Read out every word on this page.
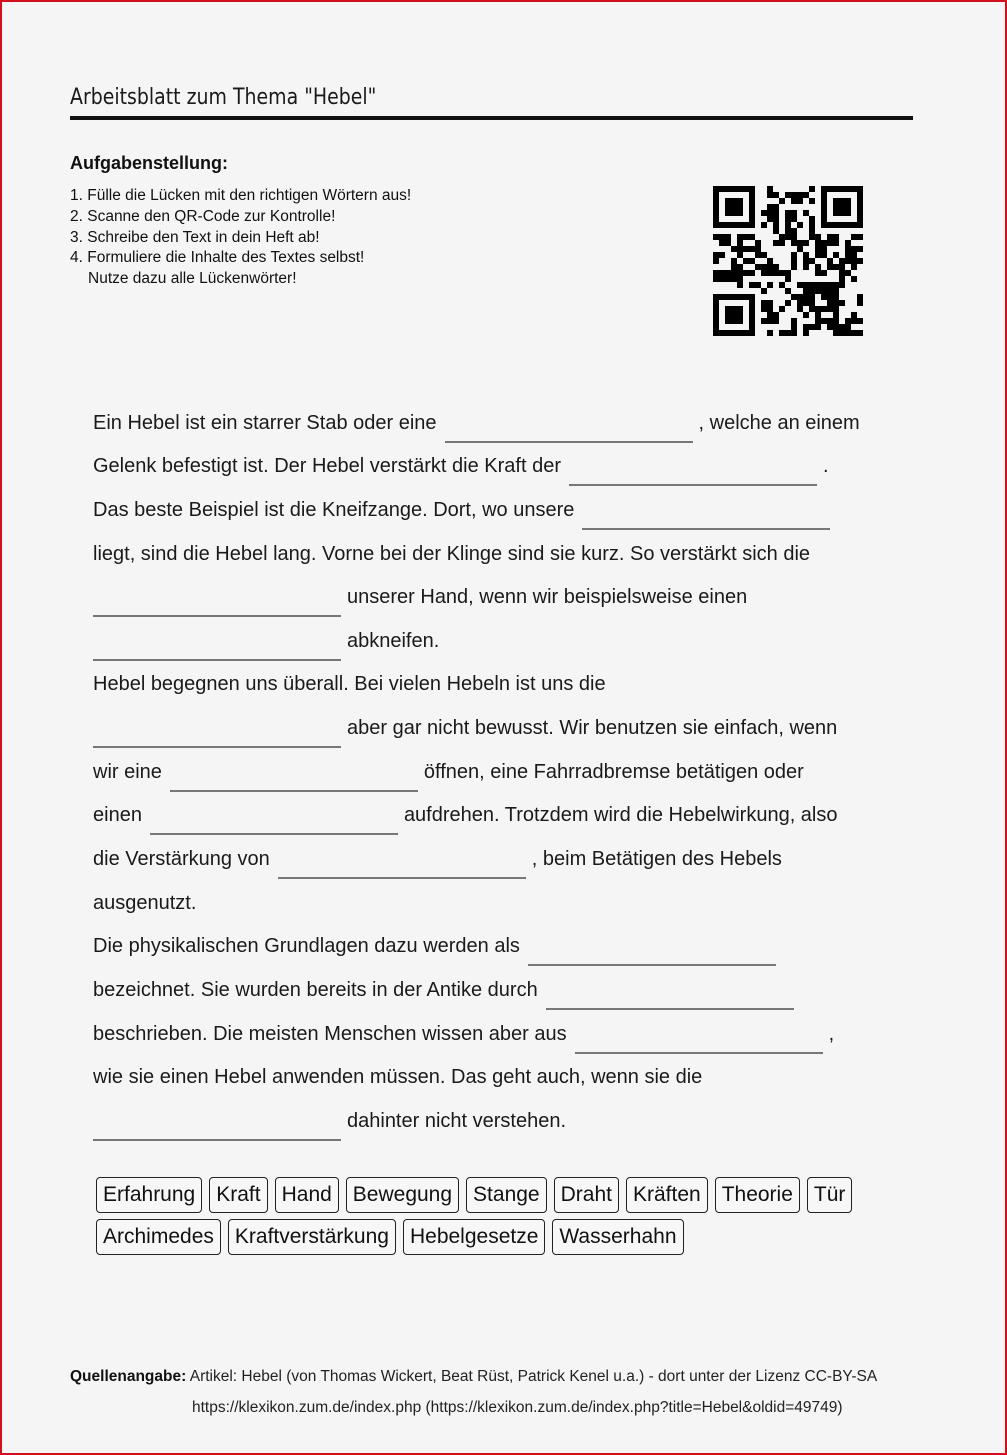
Arbeitsblatt zum Thema "Hebel"
Aufgabenstellung:
1. Fülle die Lücken mit den richtigen Wörtern aus!
2. Scanne den QR-Code zur Kontrolle!
3. Schreibe den Text in dein Heft ab!
4. Formuliere die Inhalte des Textes selbst!
Nutze dazu alle Lückenwörter!
Ein Hebel ist ein starrer Stab oder eine	, welche an einem
Gelenk befestigt ist. Der Hebel verstärkt die Kraft der	.
Das beste Beispiel ist die Kneifzange. Dort, wo unsere
liegt, sind die Hebel lang. Vorne bei der Klinge sind sie kurz. So verstärkt sich die
unserer Hand, wenn wir beispielsweise einen
abkneifen.
Hebel begegnen uns überall. Bei vielen Hebeln ist uns die
aber gar nicht bewusst. Wir benutzen sie einfach, wenn
wir eine	öffnen, eine Fahrradbremse betätigen oder
einen	aufdrehen. Trotzdem wird die Hebelwirkung, also
die Verstärkung von	, beim Betätigen des Hebels
ausgenutzt.
Die physikalischen Grundlagen dazu werden als
bezeichnet. Sie wurden bereits in der Antike durch
beschrieben. Die meisten Menschen wissen aber aus	,
wie sie einen Hebel anwenden müssen. Das geht auch, wenn sie die
dahinter nicht verstehen.
Erfahrung	Kraft	Hand	Bewegung	Stange	Draht	Kräften	Theorie	Tür
Archimedes	Kraftverstärkung	Hebelgesetze	Wasserhahn
Quellenangabe: Artikel: Hebel (von Thomas Wickert, Beat Rüst, Patrick Kenel u.a.) - dort unter der Lizenz CC-BY-SA
https://klexikon.zum.de/index.php (https://klexikon.zum.de/index.php?title=Hebel&oldid=49749)
